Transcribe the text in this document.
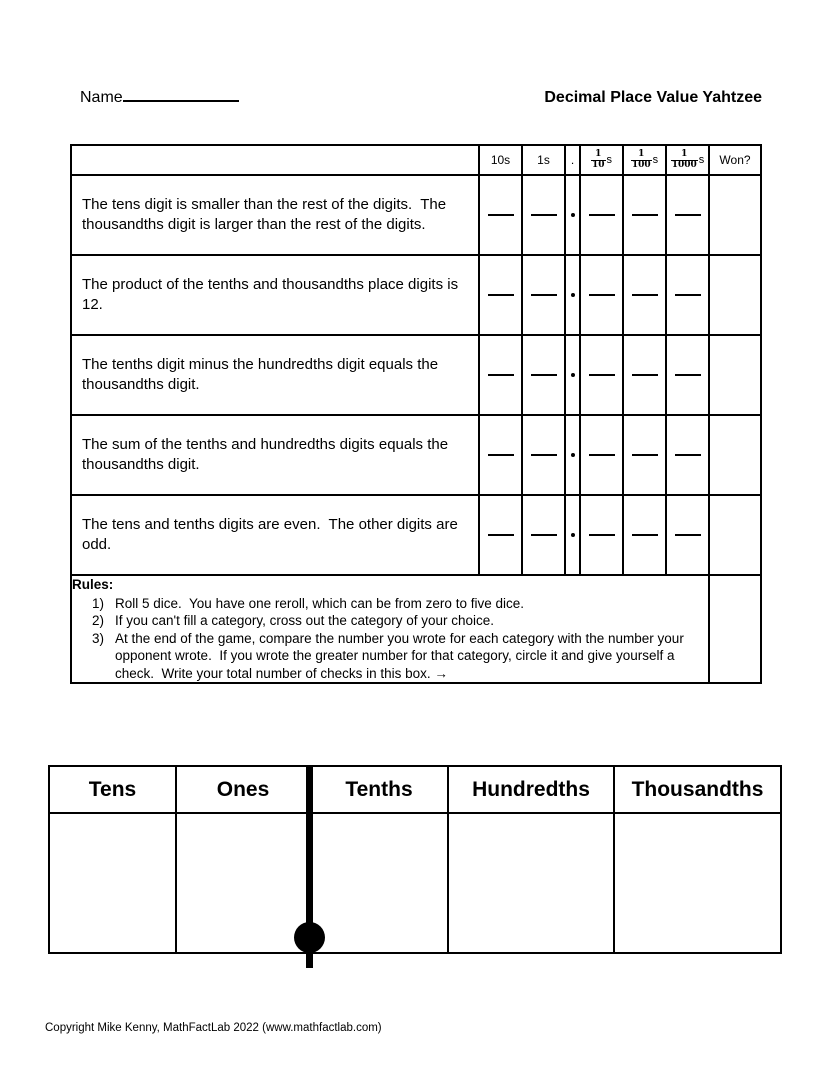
Name	Decimal Place Value Yahtzee
	10s	1s	.	$\frac{1}{10}$ s	$\frac{1}{100}$ s	$\frac{1}{1000}$ s	Won?
The tens digit is smaller than the rest of the digits.  The thousandths digit is larger than the rest of the digits.							
The product of the tenths and thousandths place digits is 12.							
The tenths digit minus the hundredths digit equals the thousandths digit.							
The sum of the tenths and hundredths digits equals the thousandths digit.							
The tens and tenths digits are even.  The other digits are odd.							

Rules:
1) Roll 5 dice.  You have one reroll, which can be from zero to five dice.
2) If you can't fill a category, cross out the category of your choice.
3) At the end of the game, compare the number you wrote for each category with the number your opponent wrote.  If you wrote the greater number for that category, circle it and give yourself a check.  Write your total number of checks in this box. →

Tens	Ones	Tenths	Hundredths	Thousandths

Copyright Mike Kenny, MathFactLab 2022 (www.mathfactlab.com)
